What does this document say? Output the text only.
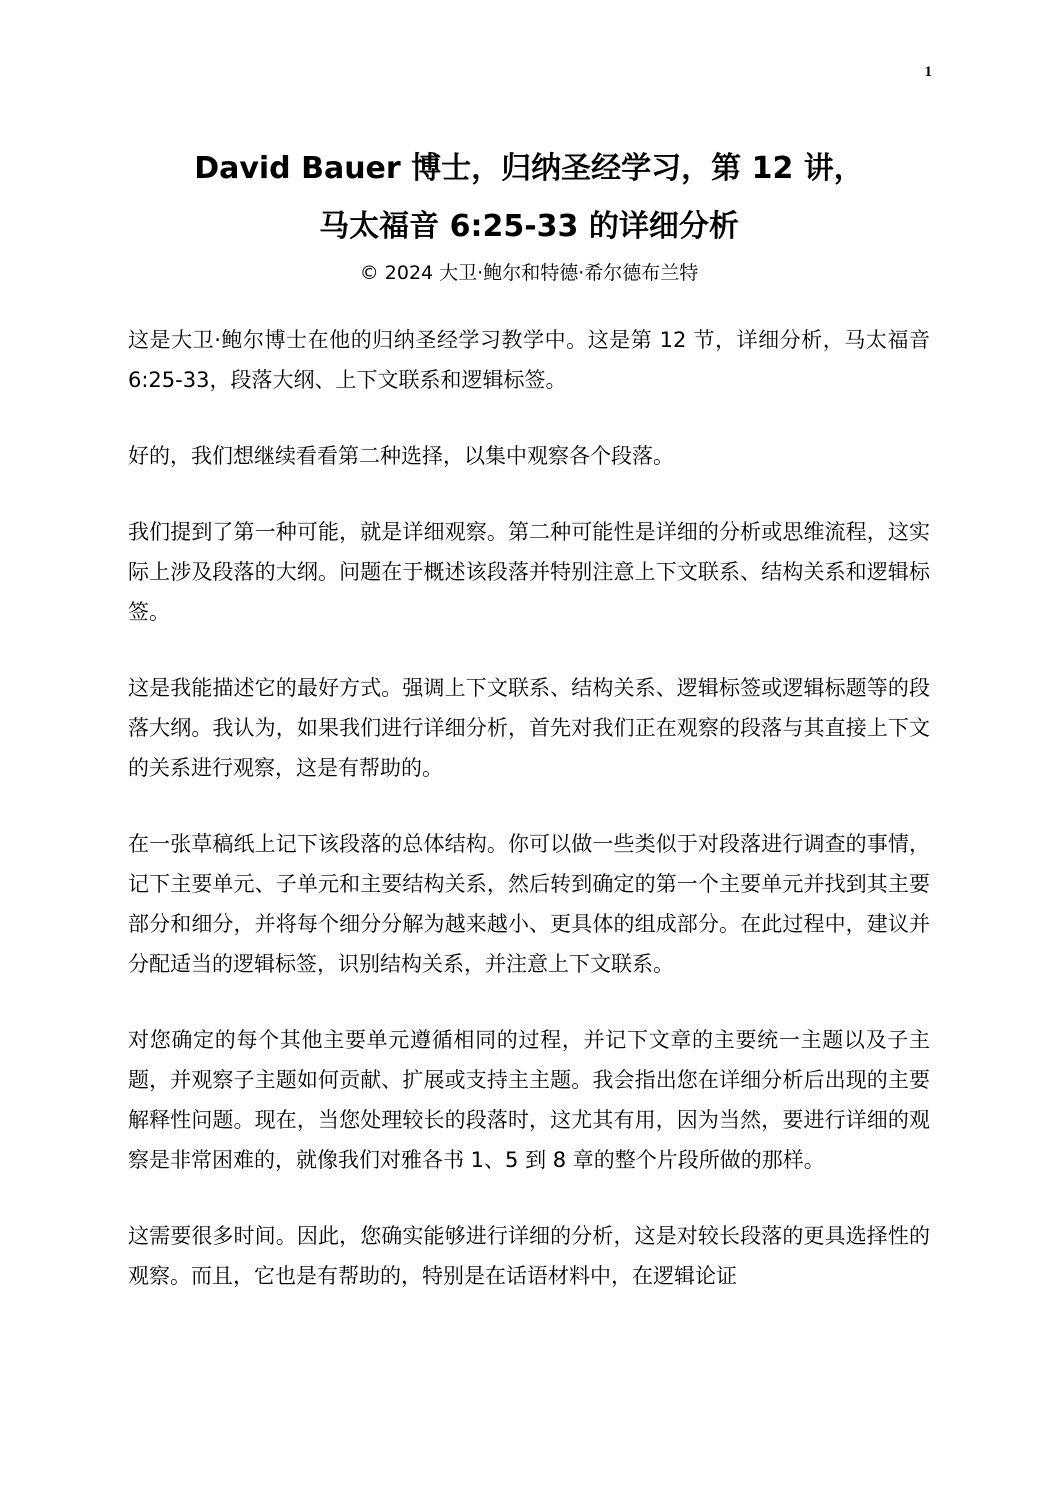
1
David Bauer 博士，归纳圣经学习，第 12 讲，
马太福音 6:25-33 的详细分析
© 2024 大卫·鲍尔和特德·希尔德布兰特

这是大卫·鲍尔博士在他的归纳圣经学习教学中。这是第 12 节，详细分析，马太福音 6:25-33，段落大纲、上下文联系和逻辑标签。

好的，我们想继续看看第二种选择，以集中观察各个段落。

我们提到了第一种可能，就是详细观察。第二种可能性是详细的分析或思维流程，这实际上涉及段落的大纲。问题在于概述该段落并特别注意上下文联系、结构关系和逻辑标签。

这是我能描述它的最好方式。强调上下文联系、结构关系、逻辑标签或逻辑标题等的段落大纲。我认为，如果我们进行详细分析，首先对我们正在观察的段落与其直接上下文的关系进行观察，这是有帮助的。

在一张草稿纸上记下该段落的总体结构。你可以做一些类似于对段落进行调查的事情，记下主要单元、子单元和主要结构关系，然后转到确定的第一个主要单元并找到其主要部分和细分，并将每个细分分解为越来越小、更具体的组成部分。在此过程中，建议并分配适当的逻辑标签，识别结构关系，并注意上下文联系。

对您确定的每个其他主要单元遵循相同的过程，并记下文章的主要统一主题以及子主题，并观察子主题如何贡献、扩展或支持主主题。我会指出您在详细分析后出现的主要解释性问题。现在，当您处理较长的段落时，这尤其有用，因为当然，要进行详细的观察是非常困难的，就像我们对雅各书 1、5 到 8 章的整个片段所做的那样。

这需要很多时间。因此，您确实能够进行详细的分析，这是对较长段落的更具选择性的观察。而且，它也是有帮助的，特别是在话语材料中，在逻辑论证
